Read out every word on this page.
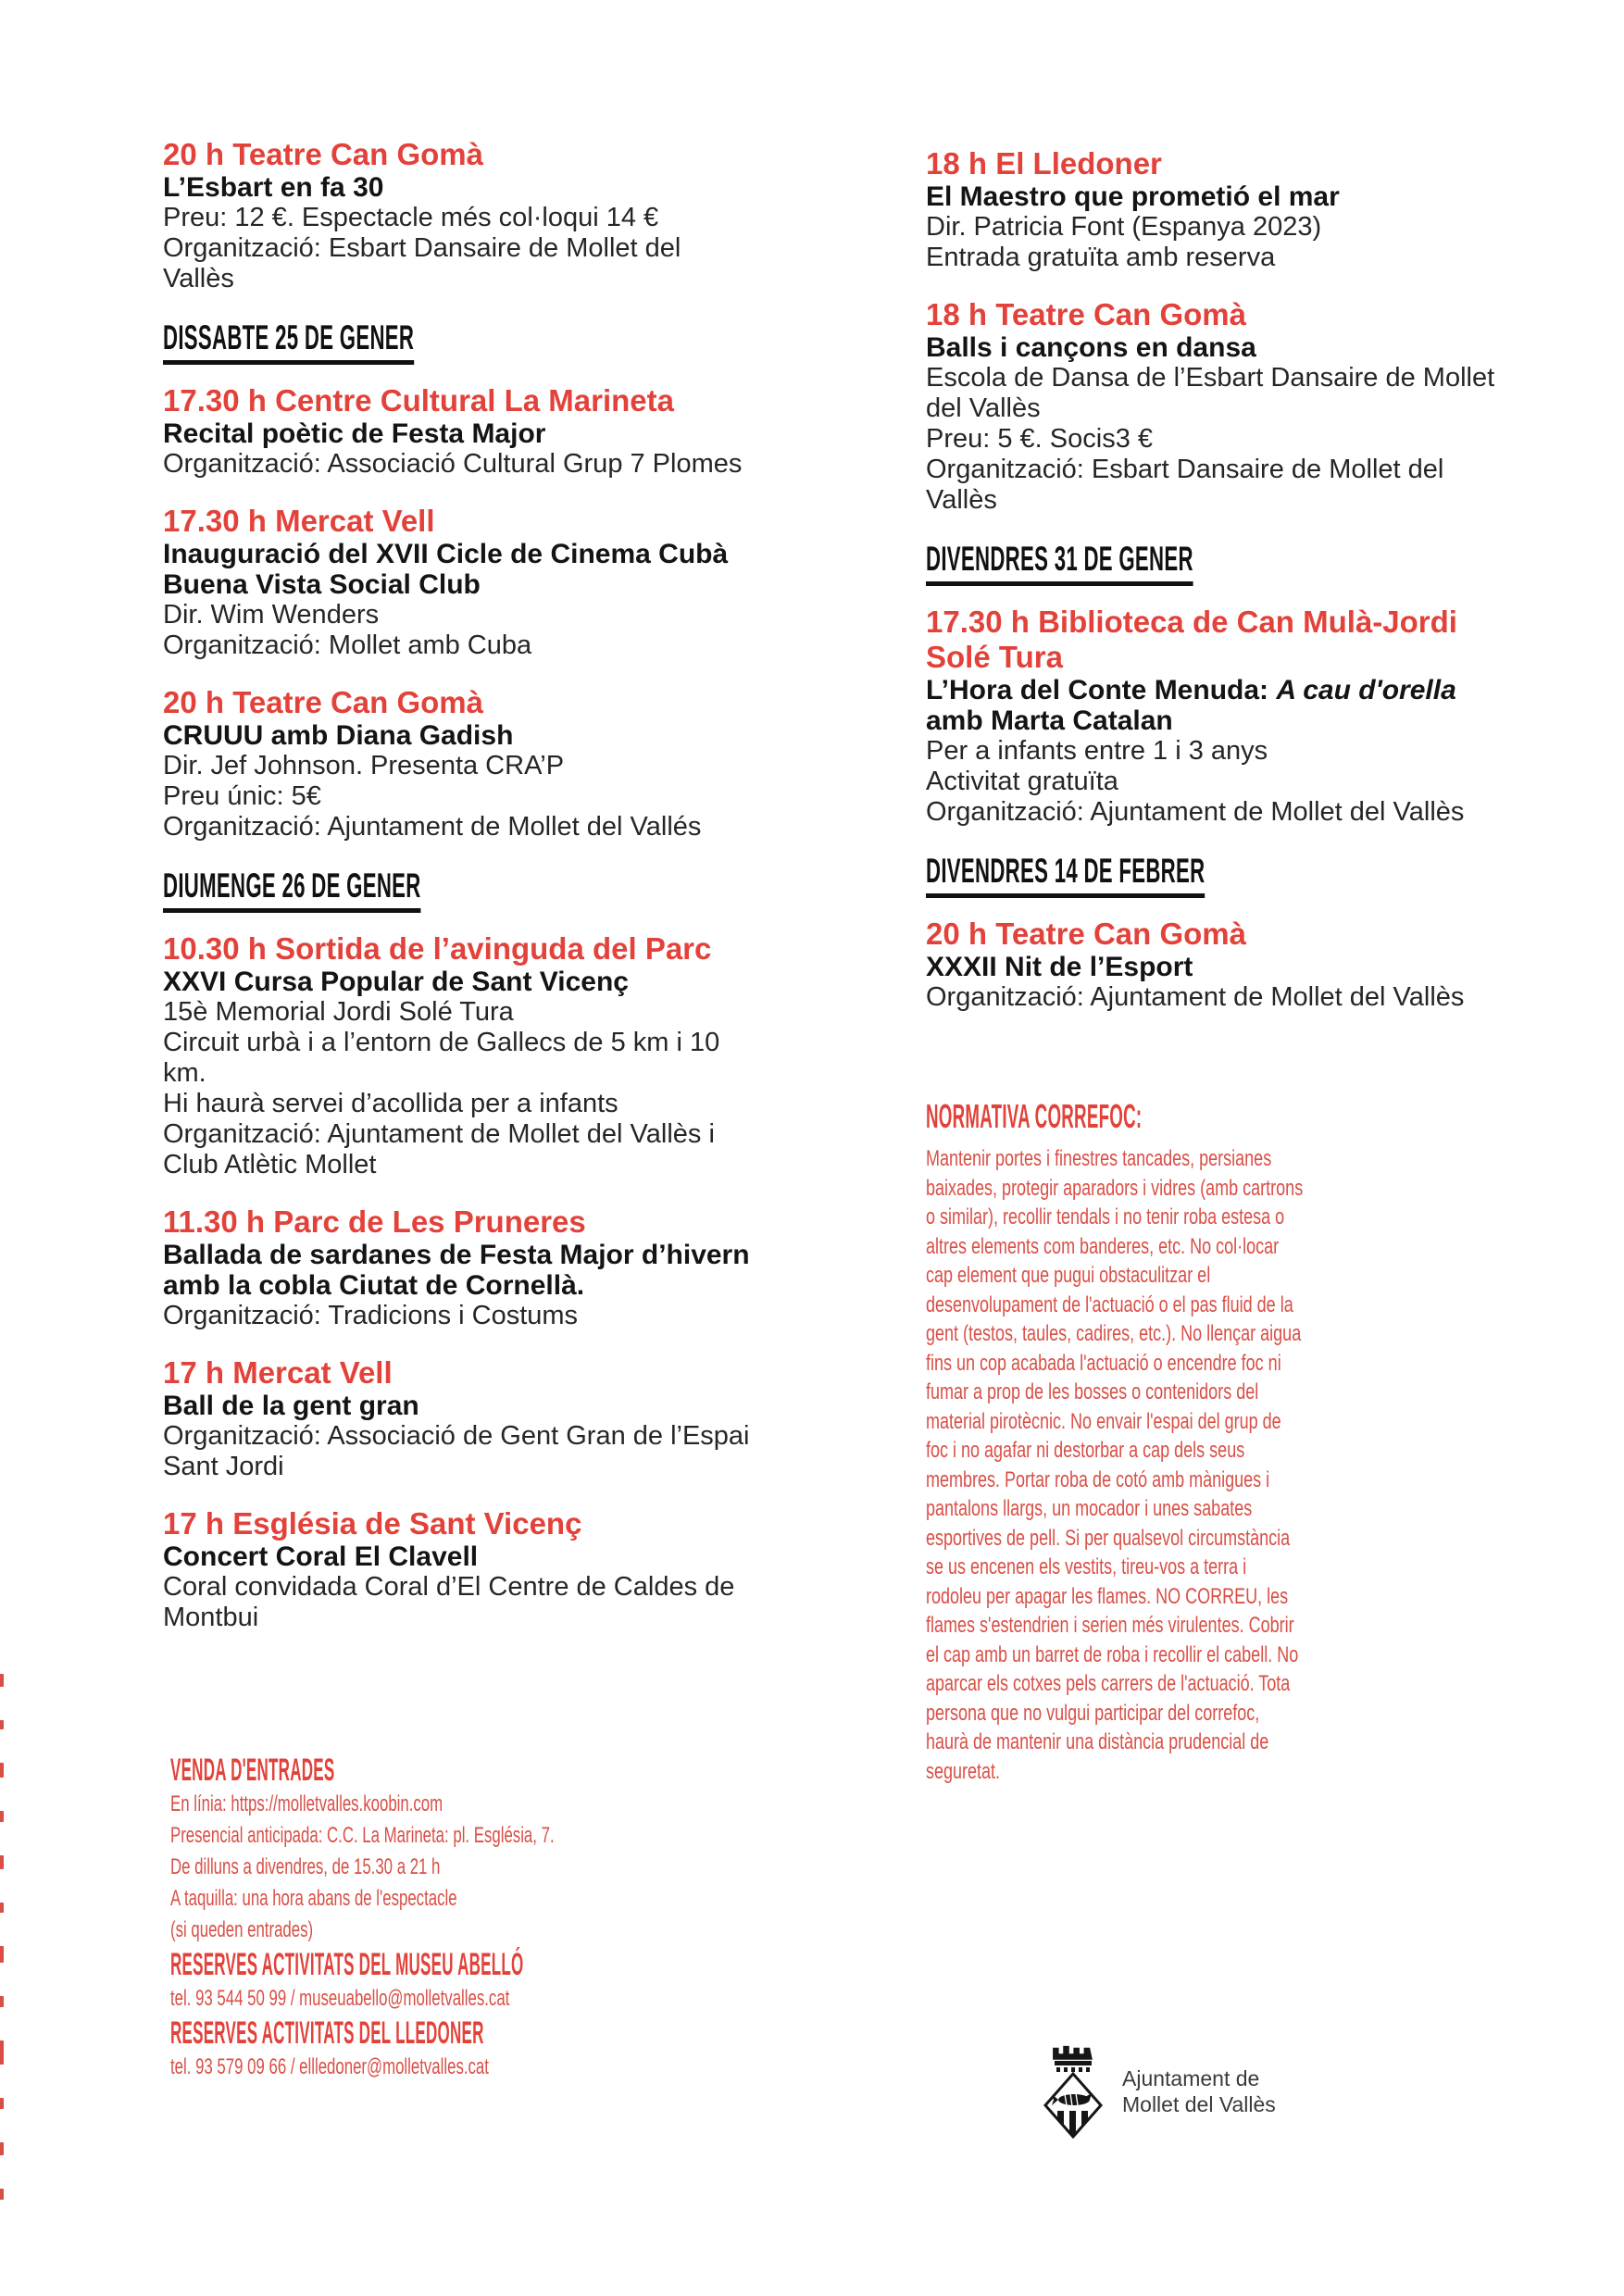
20 h Teatre Can Gomà
L’Esbart en fa 30
Preu: 12 €. Espectacle més col·loqui 14 €
Organització: Esbart Dansaire de Mollet del Vallès
DISSABTE 25 DE GENER
17.30 h Centre Cultural La Marineta
Recital poètic de Festa Major
Organització: Associació Cultural Grup 7 Plomes
17.30 h Mercat Vell
Inauguració del XVII Cicle de Cinema Cubà Buena Vista Social Club
Dir. Wim Wenders
Organització: Mollet amb Cuba
20 h Teatre Can Gomà
CRUUU amb Diana Gadish
Dir. Jef Johnson. Presenta CRA’P
Preu únic: 5€
Organització: Ajuntament de Mollet del Vallés
DIUMENGE 26 DE GENER
10.30 h Sortida de l’avinguda del Parc
XXVI Cursa Popular de Sant Vicenç
15è Memorial Jordi Solé Tura
Circuit urbà i a l’entorn de Gallecs de 5 km i 10 km.
Hi haurà servei d’acollida per a infants
Organització: Ajuntament de Mollet del Vallès i Club Atlètic Mollet
11.30 h Parc de Les Pruneres
Ballada de sardanes de Festa Major d’hivern amb la cobla Ciutat de Cornellà.
Organització: Tradicions i Costums
17 h Mercat Vell
Ball de la gent gran
Organització: Associació de Gent Gran de l’Espai Sant Jordi
17 h Església de Sant Vicenç
Concert Coral El Clavell
Coral convidada Coral d’El Centre de Caldes de Montbui
18 h El Lledoner
El Maestro que prometió el mar
Dir. Patricia Font (Espanya 2023)
Entrada gratuïta amb reserva
18 h Teatre Can Gomà
Balls i cançons en dansa
Escola de Dansa de l’Esbart Dansaire de Mollet del Vallès
Preu: 5 €. Socis3 €
Organització: Esbart Dansaire de Mollet del Vallès
DIVENDRES 31 DE GENER
17.30 h Biblioteca de Can Mulà-Jordi Solé Tura
L’Hora del Conte Menuda: A cau d'orella
amb Marta Catalan
Per a infants entre 1 i 3 anys
Activitat gratuïta
Organització: Ajuntament de Mollet del Vallès
DIVENDRES 14 DE FEBRER
20 h Teatre Can Gomà
XXXII Nit de l’Esport
Organització: Ajuntament de Mollet del Vallès
NORMATIVA CORREFOC:
Mantenir portes i finestres tancades, persianes
baixades, protegir aparadors i vidres (amb cartrons
o similar), recollir tendals i no tenir roba estesa o
altres elements com banderes, etc. No col·locar
cap element que pugui obstaculitzar el
desenvolupament de l'actuació o el pas fluid de la
gent (testos, taules, cadires, etc.). No llençar aigua
fins un cop acabada l'actuació o encendre foc ni
fumar a prop de les bosses o contenidors del
material pirotècnic. No envair l'espai del grup de
foc i no agafar ni destorbar a cap dels seus
membres. Portar roba de cotó amb mànigues i
pantalons llargs, un mocador i unes sabates
esportives de pell. Si per qualsevol circumstància
se us encenen els vestits, tireu-vos a terra i
rodoleu per apagar les flames. NO CORREU, les
flames s'estendrien i serien més virulentes. Cobrir
el cap amb un barret de roba i recollir el cabell. No
aparcar els cotxes pels carrers de l'actuació. Tota
persona que no vulgui participar del correfoc,
haurà de mantenir una distància prudencial de
seguretat.
VENDA D'ENTRADES
En línia: https://molletvalles.koobin.com
Presencial anticipada: C.C. La Marineta: pl. Església, 7.
De dilluns a divendres, de 15.30 a 21 h
A taquilla: una hora abans de l'espectacle
(si queden entrades)
RESERVES ACTIVITATS DEL MUSEU ABELLÓ
tel. 93 544 50 99 / museuabello@molletvalles.cat
RESERVES ACTIVITATS DEL LLEDONER
tel. 93 579 09 66 / ellledoner@molletvalles.cat	Ajuntament de
Mollet del Vallès
